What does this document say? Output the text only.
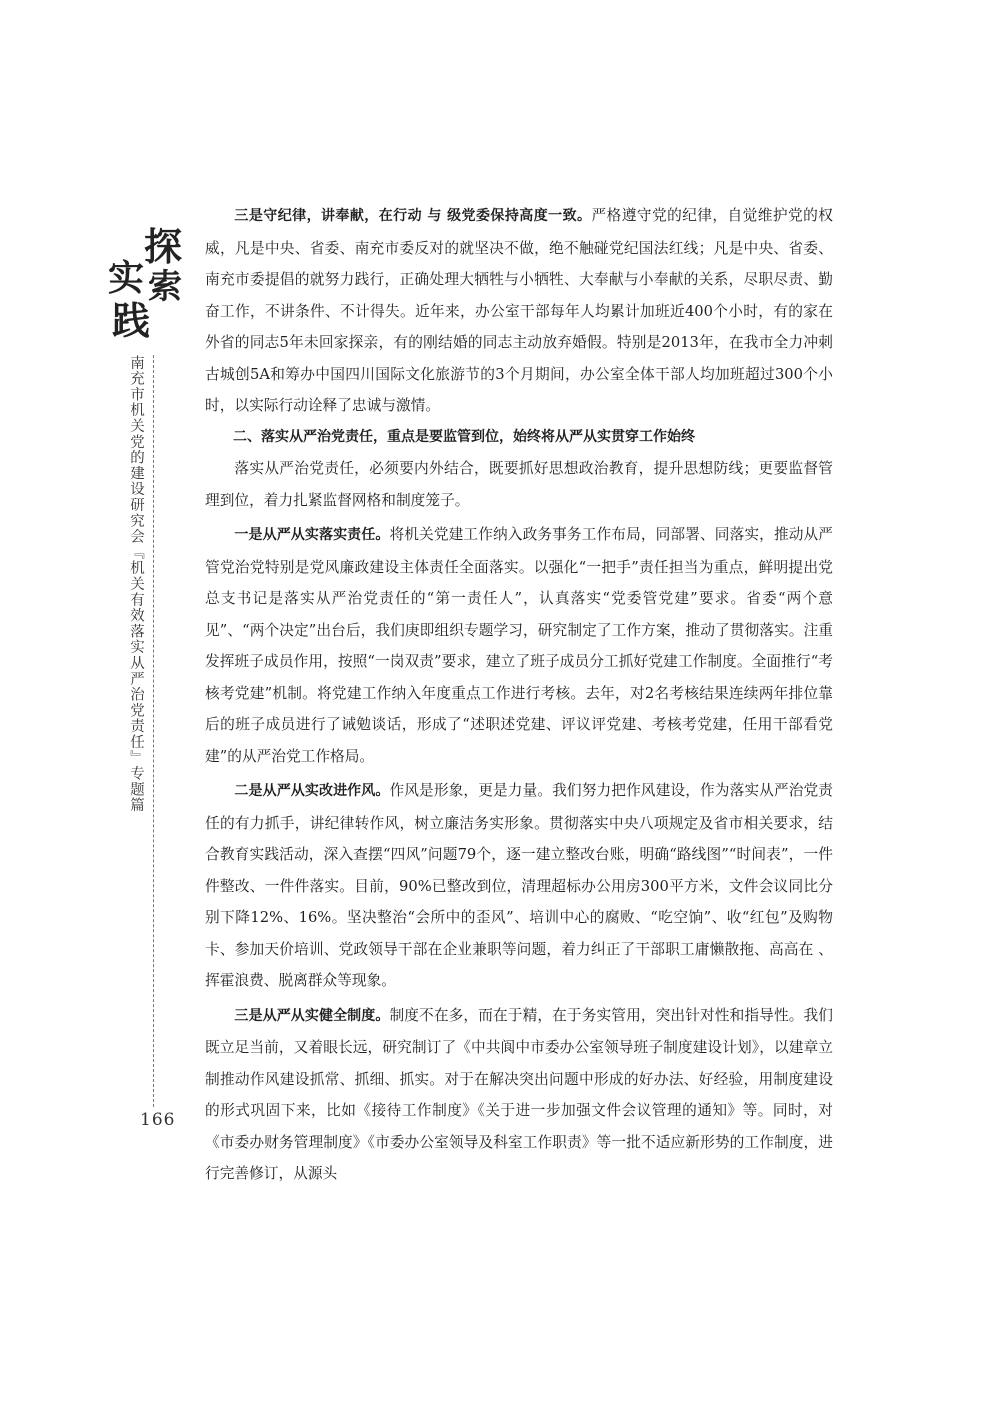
探
索
实
践
南充市机关党的建设研究会『机关有效落实从严治党责任』专题篇
166

三是守纪律，讲奉献，在行动 与 级党委保持高度一致。严格遵守党的纪律，自觉维护党的权威，凡是中央、省委、南充市委反对的就坚决不做，绝不触碰党纪国法红线；凡是中央、省委、南充市委提倡的就努力践行，正确处理大牺牲与小牺牲、大奉献与小奉献的关系，尽职尽责、勤奋工作，不讲条件、不计得失。近年来，办公室干部每年人均累计加班近400个小时，有的家在外省的同志5年未回家探亲，有的刚结婚的同志主动放弃婚假。特别是2013年，在我市全力冲刺古城创5A和筹办中国四川国际文化旅游节的3个月期间，办公室全体干部人均加班超过300个小时，以实际行动诠释了忠诚与激情。

二、落实从严治党责任，重点是要监管到位，始终将从严从实贯穿工作始终

落实从严治党责任，必须要内外结合，既要抓好思想政治教育，提升思想防线；更要监督管理到位，着力扎紧监督网格和制度笼子。

一是从严从实落实责任。将机关党建工作纳入政务事务工作布局，同部署、同落实，推动从严管党治党特别是党风廉政建设主体责任全面落实。以强化“一把手”责任担当为重点，鲜明提出党总支书记是落实从严治党责任的“第一责任人”，认真落实“党委管党建”要求。省委“两个意见”、“两个决定”出台后，我们庚即组织专题学习，研究制定了工作方案，推动了贯彻落实。注重发挥班子成员作用，按照“一岗双责”要求，建立了班子成员分工抓好党建工作制度。全面推行“考核考党建”机制。将党建工作纳入年度重点工作进行考核。去年，对2名考核结果连续两年排位靠后的班子成员进行了诫勉谈话，形成了“述职述党建、评议评党建、考核考党建，任用干部看党建”的从严治党工作格局。

二是从严从实改进作风。作风是形象，更是力量。我们努力把作风建设，作为落实从严治党责任的有力抓手，讲纪律转作风，树立廉洁务实形象。贯彻落实中央八项规定及省市相关要求，结合教育实践活动，深入查摆“四风”问题79个，逐一建立整改台账，明确“路线图”“时间表”，一件件整改、一件件落实。目前，90%已整改到位，清理超标办公用房300平方米，文件会议同比分别下降12%、16%。坚决整治“会所中的歪风”、培训中心的腐败、“吃空饷”、收“红包”及购物卡、参加天价培训、党政领导干部在企业兼职等问题，着力纠正了干部职工庸懒散拖、高高在 、挥霍浪费、脱离群众等现象。

三是从严从实健全制度。制度不在多，而在于精，在于务实管用，突出针对性和指导性。我们既立足当前，又着眼长远，研究制订了《中共阆中市委办公室领导班子制度建设计划》，以建章立制推动作风建设抓常、抓细、抓实。对于在解决突出问题中形成的好办法、好经验，用制度建设的形式巩固下来，比如《接待工作制度》《关于进一步加强文件会议管理的通知》等。同时，对《市委办财务管理制度》《市委办公室领导及科室工作职责》等一批不适应新形势的工作制度，进行完善修订，从源头
